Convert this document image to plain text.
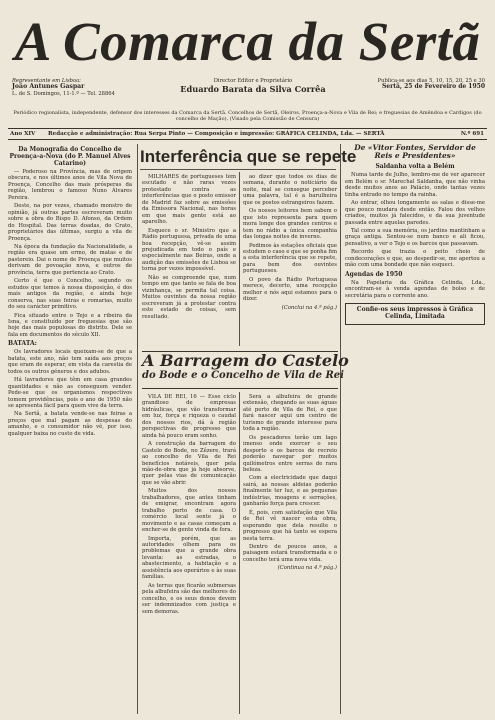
A Comarca da Sertã
Representante em Lisboa:
João Antunes Gaspar
L. de S. Domingos, 11-1.º — Tel. 28864
Director Editor e Proprietário
Eduardo Barata da Silva Corrêa
Publica-se aos dias 5, 10, 15, 20, 25 e 30
Sertã, 25 de Fevereiro de 1950
Periódico regionalista, independente, defensor dos interesses da Comarca da Sertã. Concelhos de Sertã, Oleiros, Proença-a-Nova e Vila de Rei; e freguesias de Amêndoa e Cardigos (do concelho de Mação). (Visado pela Comissão de Censura)
Ano XIV Redacção e administração: Rua Serpa Pinto — Composição e impressão: GRÁFICA CELINDA, Lda. — SERTÃ	N.º 691
Da Monografia do Concelho de Proença-a-Nova (do P. Manuel Alves Catarino)

— Poderoso na Província, mas de origem obscura, e nos últimos anos de Vila Nova de Proença, Concelho das mais prósperas da região, lembrou o famoso Nuno Álvares Pereira.

Deste, na por vezes, chamado monstro de opinião, já outras partes escreveram muito sobre a obra do Bispo D. Afonso, da Ordem do Hospital. Das terras doadas, do Crato, proprietários das últimas, surgiu a vila de Proença.

Na época da fundação da Nacionalidade, a região era quase um ermo, de matas e de pastoreio. Dai o nome de Proença que muitos derivam de povoação nova, e outros de província, terra que pertencia ao Crato.

Certo é que o Concelho, segundo os estudos que temos à nossa disposição, é dos mais antigos da região, e ainda hoje conserva, nas suas feiras e romarias, muito do seu carácter primitivo.

Fica situado entre o Tejo e a ribeira da Isna, e constituído por freguesias que são hoje das mais populosas do distrito. Dele se fala em documentos do século XII.

BATATA:

Os lavradores locais queixam-se de que a batata, este ano, não tem saída aos preços que eram de esperar, em vista da carestia de todos os outros géneros e dos adubos.

Há lavradores que têm em casa grandes quantidades e não as conseguem vender. Pede-se que os organismos respectivos tomem providências, pois o ano de 1950 não se apresenta fácil para quem vive da terra.

Na Sertã, a batata vende-se nas feiras a preços que mal pagam as despesas do amanho, e o consumidor não vê, por isso, qualquer baixa no custo de vida.

Interferência que se repete

MILHARES de portugueses têm escutado e não raras vezes protestado contra as interferências que o posto emissor de Madrid faz sobre as emissões da Emissora Nacional, nas horas em que mais gente está ao aparelho.

Esquece o sr. Ministro que a Rádio portuguesa, privada de uma boa recepção, vê-se assim prejudicada em todo o país e especialmente nas Beiras, onde a audição das emissões de Lisboa se torna por vezes impossível.

Não se compreende que, num tempo em que tanto se fala de boa vizinhança, se permita tal coisa. Muitos ouvintes da nossa região escreveram já a protestar contra este estado de coisas, sem resultado.

ao dizer que todos os dias de semana, durante o noticiário da noite, mal se consegue perceber uma palavra, tal é a barulheira que os postos estrangeiros fazem.

Os nossos leitores bem sabem o que isto representa para quem mora longe dos grandes centros e tem no rádio a única companhia das longas noites de inverno.

Pedimos às estações oficiais que estudem o caso e que se ponha fim a esta interferência que se repete, para bem dos ouvintes portugueses.

O povo da Rádio Portuguesa merece, decerto, uma recepção melhor e nós aqui estamos para o dizer.

(Conclui na 4.ª pág.)

A Barragem do Castelo
do Bode e o Concelho de Vila de Rei

VILA DE REI, 16 — Esse ciclo grandioso de empresas hidráulicas, que vão transformar em luz, força e riqueza o caudal dos nossos rios, dá à região perspectivas de progresso que ainda há pouco eram sonho.

A construção da barragem do Castelo do Bode, no Zêzere, trará ao concelho de Vila de Rei benefícios notáveis, quer pela mão-de-obra que já hoje absorve, quer pelas vias de comunicação que se vão abrir.

Muitos dos nossos trabalhadores, que antes tinham de emigrar, encontram agora trabalho perto de casa. O comércio local sente já o movimento e as casas começam a encher-se de gente vinda de fora.

Importa, porém, que as autoridades olhem para os problemas que a grande obra levanta: as estradas, o abastecimento, a habitação e a assistência aos operários e às suas famílias.

As terras que ficarão submersas pela albufeira são das melhores do concelho, e os seus donos devem ser indemnizados com justiça e sem demoras.

Será a albufeira de grande extensão, chegando as suas águas até perto de Vila de Rei, o que fará nascer aqui um centro de turismo de grande interesse para toda a região.

Os pescadores terão um lago imenso onde exercer o seu desporto e os barcos de recreio poderão navegar por muitos quilómetros entre serras de rara beleza.

Com a electricidade que daqui sairá, as nossas aldeias poderão finalmente ter luz, e as pequenas indústrias, moagens e serrações, ganharão força para crescer.

É, pois, com satisfação que Vila de Rei vê nascer esta obra, esperando que dela resulte o progresso que há tanto se espera nesta terra.

Dentro de poucos anos, a paisagem estará transformada e o concelho terá uma nova vida.

(Continua na 4.ª pág.)

De «Vitor Fontes, Servidor de Reis e Presidentes»
Saldanha volta a Belém

Numa tarde de Julho, lembro-me de ver aparecer em Belém o sr. Marechal Saldanha, que não vinha desde muitos anos ao Palácio, onde tantas vezes tinha entrado no tempo da rainha.

Ao entrar, olhou longamente as salas e disse-me que pouco mudara desde então. Falou dos velhos criados, muitos já falecidos, e da sua juventude passada entre aquelas paredes.

Tal como a sua memória, os jardins mantinham a graça antiga. Sentou-se num banco e ali ficou, pensativo, a ver o Tejo e os barcos que passavam.

Recordo que trazia o peito cheio de condecorações e que, ao despedir-se, me apertou a mão com uma bondade que não esqueci.

Agendas de 1950

Na Papelaria da Gráfica Celinda, Lda., encontram-se à venda agendas de bolso e de secretária para o corrente ano.

Confie-os seus impressos à Gráfica Celinda, Limitada
